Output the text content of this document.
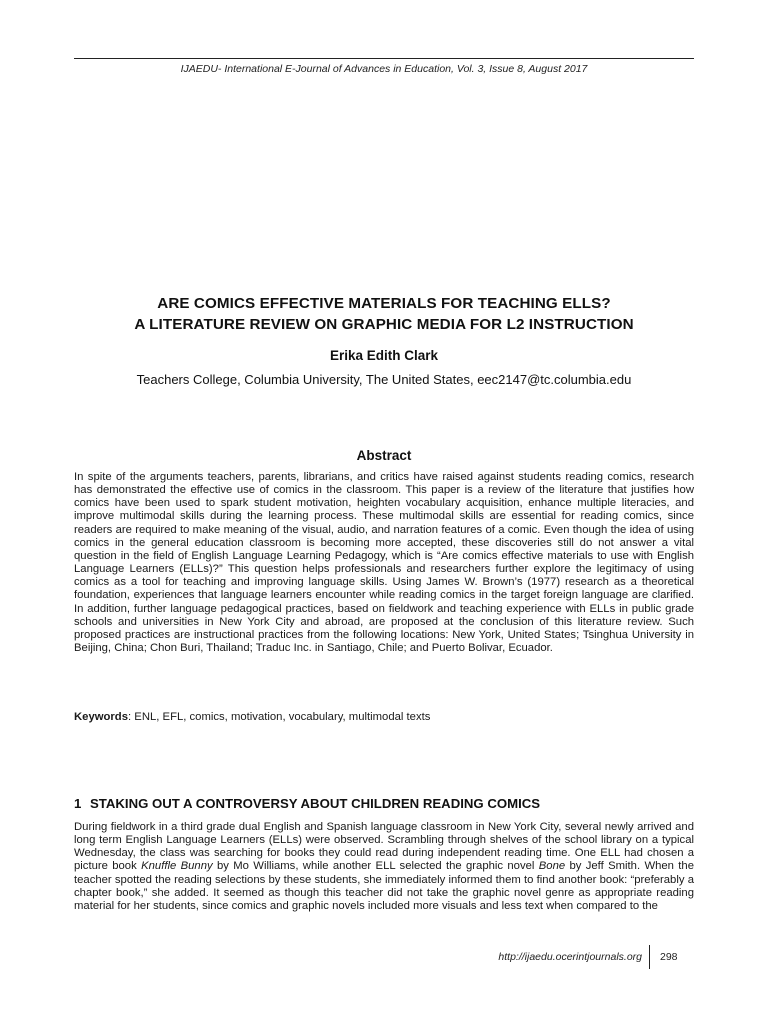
IJAEDU- International E-Journal of Advances in Education, Vol. 3, Issue 8, August 2017
ARE COMICS EFFECTIVE MATERIALS FOR TEACHING ELLS?
A LITERATURE REVIEW ON GRAPHIC MEDIA FOR L2 INSTRUCTION
Erika Edith Clark
Teachers College, Columbia University, The United States, eec2147@tc.columbia.edu
Abstract
In spite of the arguments teachers, parents, librarians, and critics have raised against students reading comics, research has demonstrated the effective use of comics in the classroom. This paper is a review of the literature that justifies how comics have been used to spark student motivation, heighten vocabulary acquisition, enhance multiple literacies, and improve multimodal skills during the learning process. These multimodal skills are essential for reading comics, since readers are required to make meaning of the visual, audio, and narration features of a comic. Even though the idea of using comics in the general education classroom is becoming more accepted, these discoveries still do not answer a vital question in the field of English Language Learning Pedagogy, which is “Are comics effective materials to use with English Language Learners (ELLs)?” This question helps professionals and researchers further explore the legitimacy of using comics as a tool for teaching and improving language skills. Using James W. Brown’s (1977) research as a theoretical foundation, experiences that language learners encounter while reading comics in the target foreign language are clarified. In addition, further language pedagogical practices, based on fieldwork and teaching experience with ELLs in public grade schools and universities in New York City and abroad, are proposed at the conclusion of this literature review. Such proposed practices are instructional practices from the following locations: New York, United States; Tsinghua University in Beijing, China; Chon Buri, Thailand; Traduc Inc. in Santiago, Chile; and Puerto Bolivar, Ecuador.
Keywords: ENL, EFL, comics, motivation, vocabulary, multimodal texts
1 STAKING OUT A CONTROVERSY ABOUT CHILDREN READING COMICS
During fieldwork in a third grade dual English and Spanish language classroom in New York City, several newly arrived and long term English Language Learners (ELLs) were observed. Scrambling through shelves of the school library on a typical Wednesday, the class was searching for books they could read during independent reading time. One ELL had chosen a picture book Knuffle Bunny by Mo Williams, while another ELL selected the graphic novel Bone by Jeff Smith. When the teacher spotted the reading selections by these students, she immediately informed them to find another book: “preferably a chapter book,” she added. It seemed as though this teacher did not take the graphic novel genre as appropriate reading material for her students, since comics and graphic novels included more visuals and less text when compared to the
http://ijaedu.ocerintjournals.org 298
